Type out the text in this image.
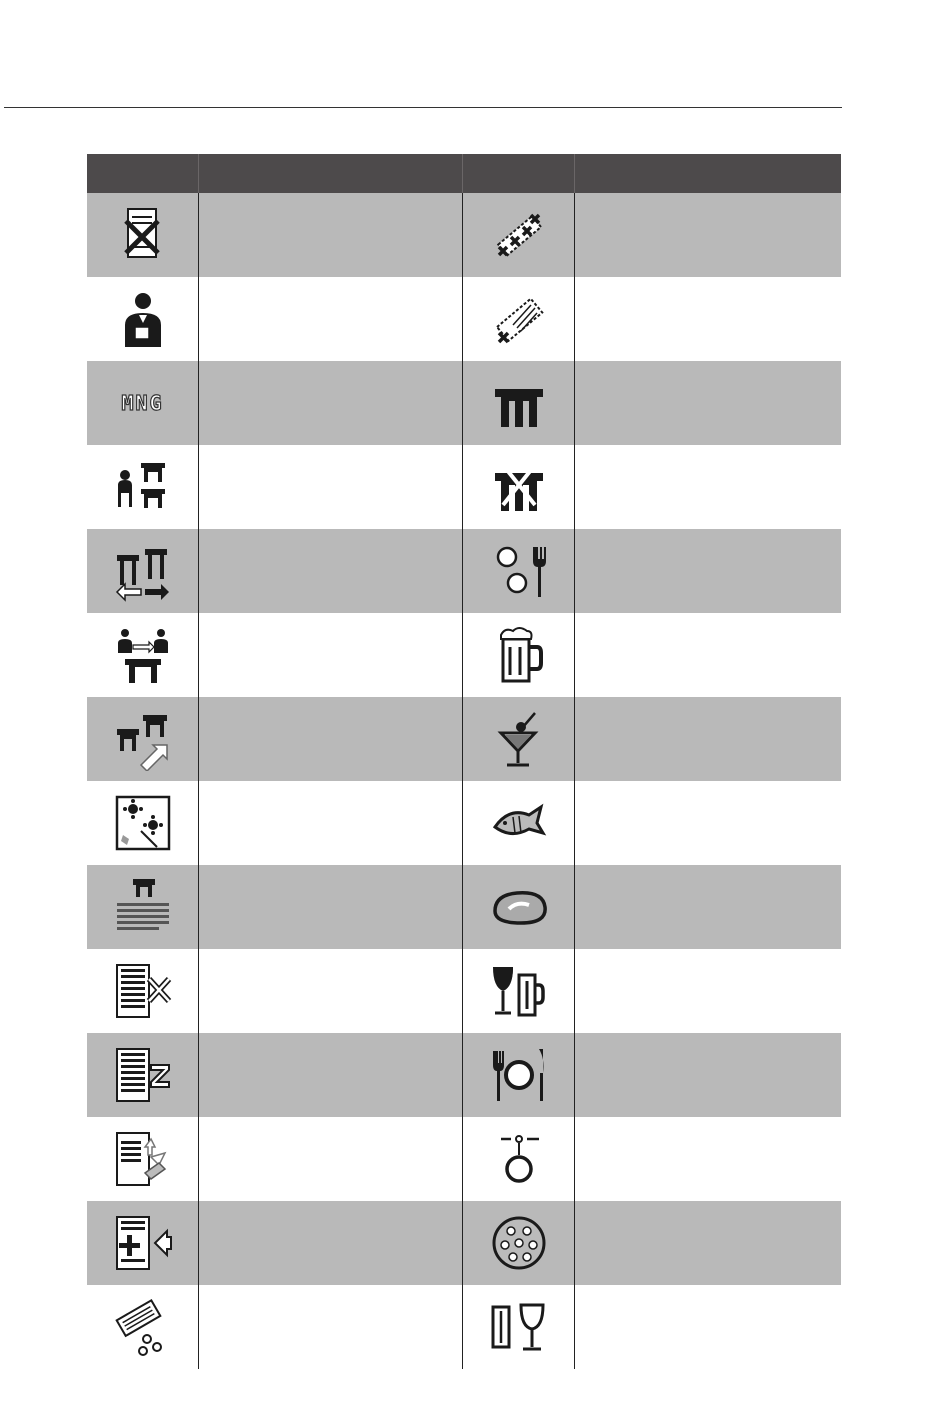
MNG
